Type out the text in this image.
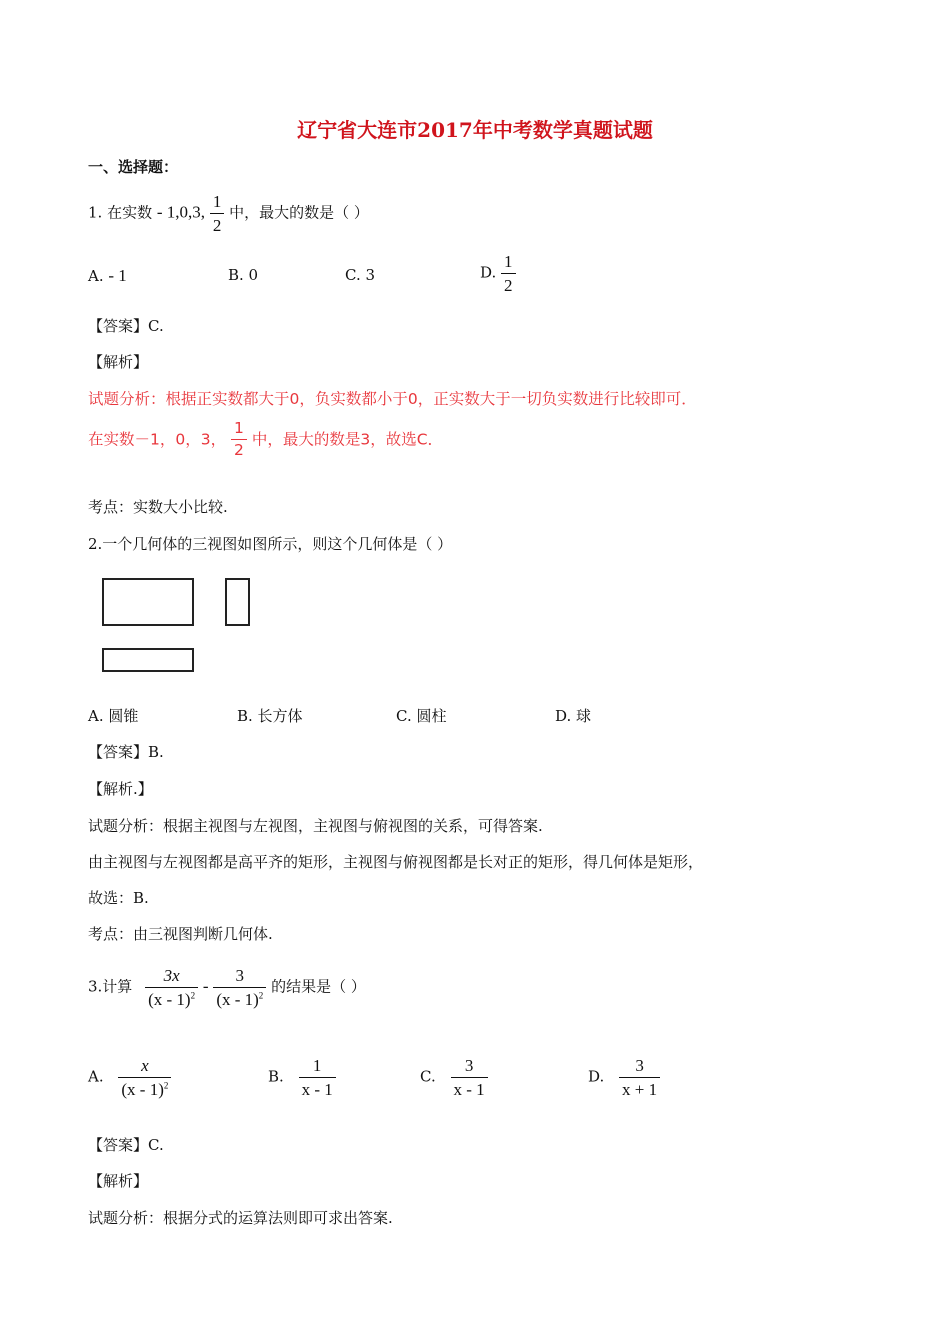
辽宁省大连市2017年中考数学真题试题
一、选择题：
1. 在实数 - 1,0,3, $\frac{1}{2}$ 中，最大的数是（ ）
A. - 1	B. 0	C. 3	D. $\frac{1}{2}$
【答案】C.
【解析】
试题分析：根据正实数都大于0，负实数都小于0，正实数大于一切负实数进行比较即可．
在实数－1，0，3， $\frac{1}{2}$ 中，最大的数是3，故选C．
考点：实数大小比较.
2.一个几何体的三视图如图所示，则这个几何体是（ ）
A. 圆锥	B. 长方体	C. 圆柱	D. 球
【答案】B.
【解析.】
试题分析：根据主视图与左视图，主视图与俯视图的关系，可得答案.
由主视图与左视图都是高平齐的矩形，主视图与俯视图都是长对正的矩形，得几何体是矩形，
故选：B.
考点：由三视图判断几何体.
3.计算 $\frac{3x}{(x - 1)^2} - \frac{3}{(x - 1)^2}$ 的结果是（ ）
A. $\frac{x}{(x - 1)^2}$	B. $\frac{1}{x - 1}$	C. $\frac{3}{x - 1}$	D. $\frac{3}{x + 1}$
【答案】C.
【解析】
试题分析：根据分式的运算法则即可求出答案.
